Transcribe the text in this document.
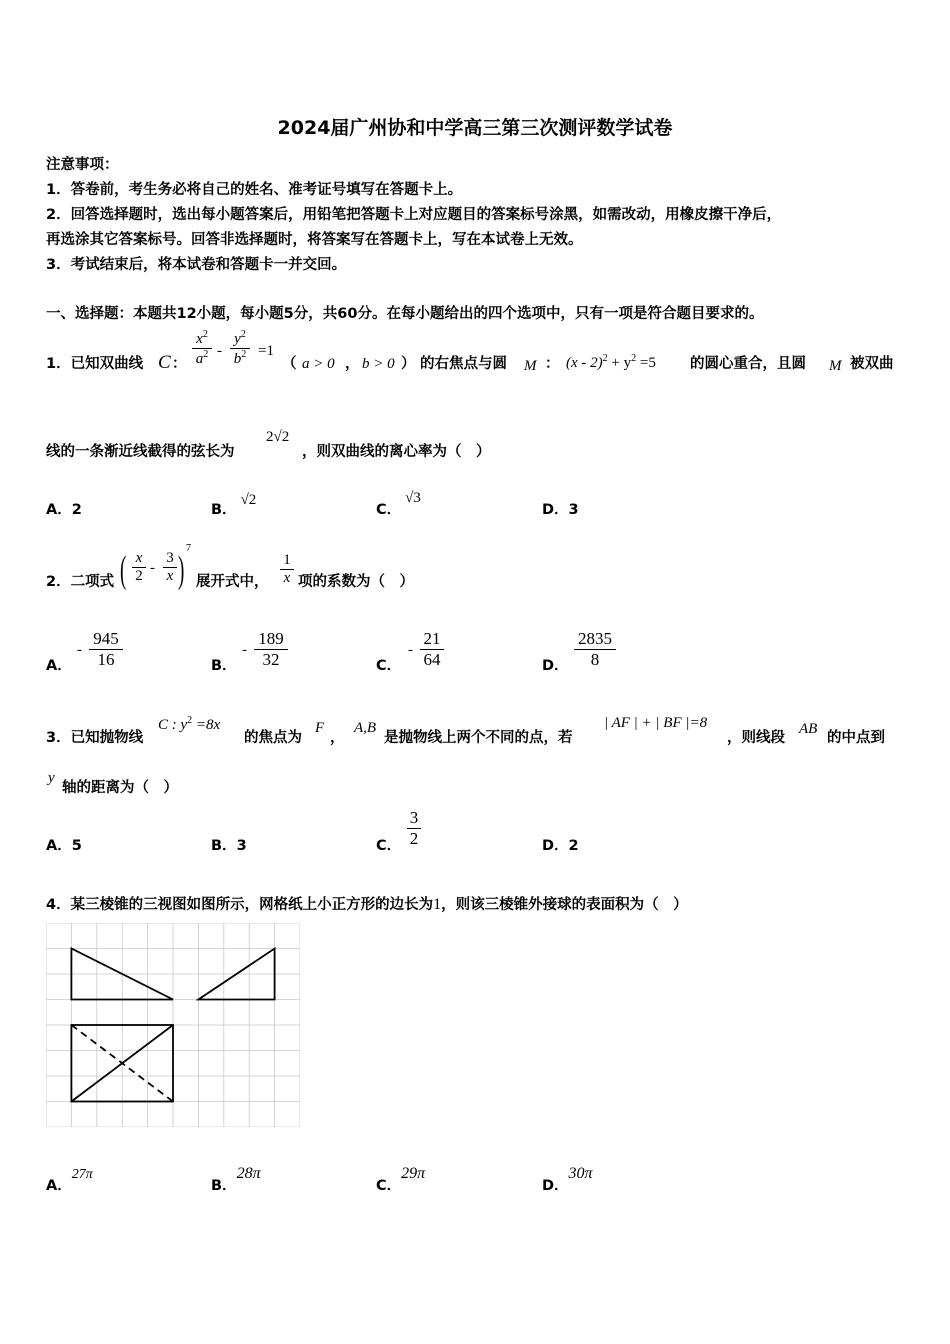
2024届广州协和中学高三第三次测评数学试卷
注意事项：
1．答卷前，考生务必将自己的姓名、准考证号填写在答题卡上。
2．回答选择题时，选出每小题答案后，用铅笔把答题卡上对应题目的答案标号涂黑，如需改动，用橡皮擦干净后，
再选涂其它答案标号。回答非选择题时，将答案写在答题卡上，写在本试卷上无效。
3．考试结束后，将本试卷和答题卡一并交回。
一、选择题：本题共12小题，每小题5分，共60分。在每小题给出的四个选项中，只有一项是符合题目要求的。
1．已知双曲线 C ： $\frac{x^2}{a^2} - \frac{y^2}{b^2} =1$
（ a > 0 ， b > 0 ） 的右焦点与圆 M ： $(x - 2)^2 + y^2 =5$ 的圆心重合，且圆 M 被双曲
线的一条渐近线截得的弦长为
2√2
，则双曲线的离心率为（　）
A．2	B．√2
C．√3
D．3
2．二项式 ( $\frac{x}{2} - \frac{3}{x}$ )
7
展开式中， $\frac{1}{x}$ 项的系数为（　）
A．
- $\frac{945}{16}$	B．
- $\frac{189}{32}$	C．
- $\frac{21}{64}$	D． $\frac{2835}{8}$
3．已知抛物线
C : $y^2 =8x$
的焦点为
F
，
A,B
是抛物线上两个不同的点，若
| AF | + | BF |=8
，则线段
AB
的中点到
y
轴的距离为（　）
A．5	B．3	C． $\frac{3}{2}$	D．2
4．某三棱锥的三视图如图所示，网格纸上小正方形的边长为1，则该三棱锥外接球的表面积为（　）
A．27π
B．28π
C．29π
D．30π
